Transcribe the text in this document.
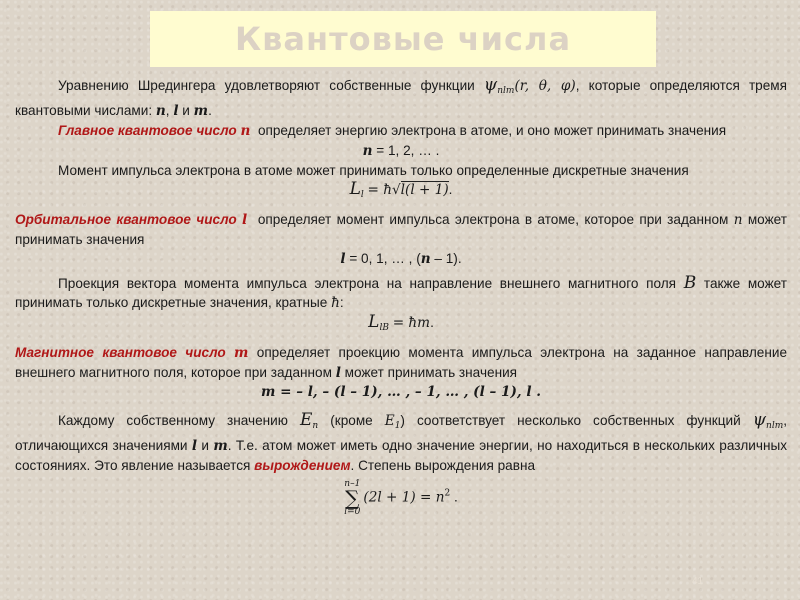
Квантовые числа

Уравнению Шредингера удовлетворяют собственные функции $\psi_{nlm}(r$, θ, φ), которые определяются тремя квантовыми числами: n, l и m.

Главное квантовое число n определяет энергию электрона в атоме, и оно может принимать значения

n = 1, 2, … .

Момент импульса электрона в атоме может принимать только определенные дискретные значения

$L_l$ = ħ√l(l + 1).

Орбитальное квантовое число l определяет момент импульса электрона в атоме, которое при заданном n может принимать значения

l = 0, 1, … , (n – 1).

Проекция вектора момента импульса электрона на направление внешнего магнитного поля B также может принимать только дискретные значения, кратные ħ:

$L_{lB}$ = ħm.

Магнитное квантовое число m определяет проекцию момента импульса электрона на заданное направление внешнего магнитного поля, которое при заданном l может принимать значения

m = – l, – (l – 1), … , – 1, … , (l – 1), l .

Каждому собственному значению $E_n$ (кроме $E_1$) соответствует несколько собственных функций $\psi_{nlm}$, отличающихся значениями l и m. Т.е. атом может иметь одно значение энергии, но находиться в нескольких различных состояниях. Это явление называется вырождением. Степень вырождения равна

n–1
∑
l=0
$(2l + 1) = n^2$ .

41
